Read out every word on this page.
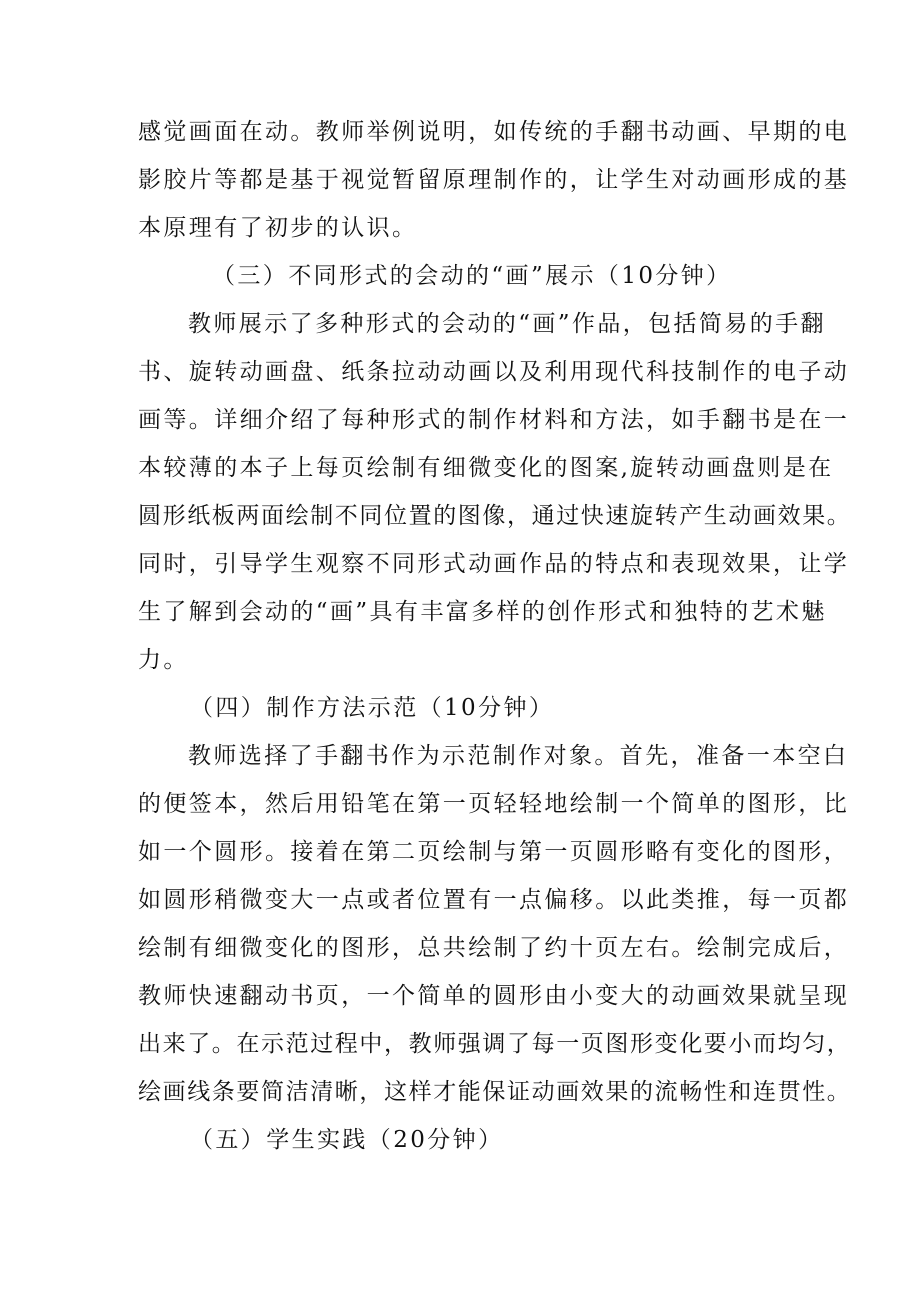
感觉画面在动。教师举例说明，如传统的手翻书动画、早期的电
影胶片等都是基于视觉暂留原理制作的，让学生对动画形成的基
本原理有了初步的认识。
（三）不同形式的会动的“画”展示（10分钟）
教师展示了多种形式的会动的“画”作品，包括简易的手翻
书、旋转动画盘、纸条拉动动画以及利用现代科技制作的电子动
画等。详细介绍了每种形式的制作材料和方法，如手翻书是在一
本较薄的本子上每页绘制有细微变化的图案,旋转动画盘则是在
圆形纸板两面绘制不同位置的图像，通过快速旋转产生动画效果。
同时，引导学生观察不同形式动画作品的特点和表现效果，让学
生了解到会动的“画”具有丰富多样的创作形式和独特的艺术魅
力。
（四）制作方法示范（10分钟）
教师选择了手翻书作为示范制作对象。首先，准备一本空白
的便签本，然后用铅笔在第一页轻轻地绘制一个简单的图形，比
如一个圆形。接着在第二页绘制与第一页圆形略有变化的图形，
如圆形稍微变大一点或者位置有一点偏移。以此类推，每一页都
绘制有细微变化的图形，总共绘制了约十页左右。绘制完成后，
教师快速翻动书页，一个简单的圆形由小变大的动画效果就呈现
出来了。在示范过程中，教师强调了每一页图形变化要小而均匀，
绘画线条要简洁清晰，这样才能保证动画效果的流畅性和连贯性。
（五）学生实践（20分钟）
